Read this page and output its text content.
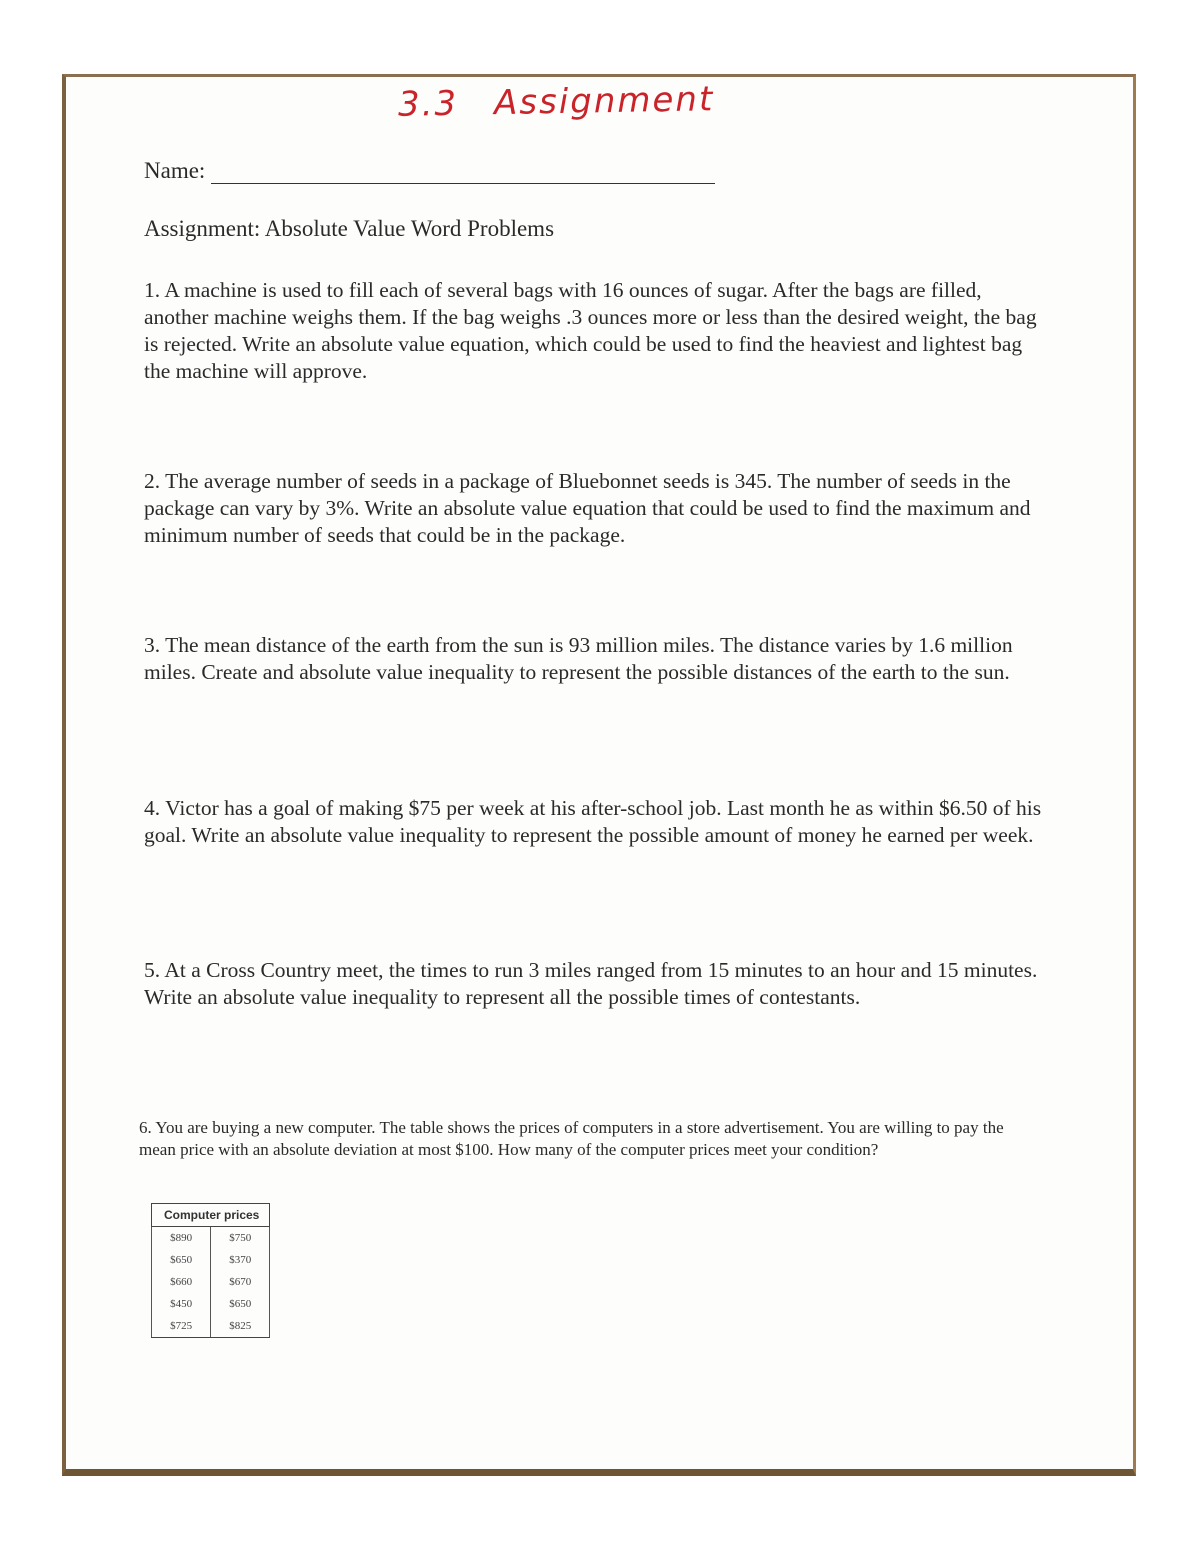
3.3 Assignment
Name:
Assignment: Absolute Value Word Problems
1. A machine is used to fill each of several bags with 16 ounces of sugar. After the bags are filled, another machine weighs them. If the bag weighs .3 ounces more or less than the desired weight, the bag is rejected. Write an absolute value equation, which could be used to find the heaviest and lightest bag the machine will approve.
2. The average number of seeds in a package of Bluebonnet seeds is 345. The number of seeds in the package can vary by 3%. Write an absolute value equation that could be used to find the maximum and minimum number of seeds that could be in the package.
3. The mean distance of the earth from the sun is 93 million miles. The distance varies by 1.6 million miles. Create and absolute value inequality to represent the possible distances of the earth to the sun.
4. Victor has a goal of making $75 per week at his after-school job. Last month he as within $6.50 of his goal. Write an absolute value inequality to represent the possible amount of money he earned per week.
5. At a Cross Country meet, the times to run 3 miles ranged from 15 minutes to an hour and 15 minutes. Write an absolute value inequality to represent all the possible times of contestants.
6. You are buying a new computer. The table shows the prices of computers in a store advertisement. You are willing to pay the mean price with an absolute deviation at most $100. How many of the computer prices meet your condition?
Computer prices	
$890	$750
$650	$370
$660	$670
$450	$650
$725	$825
